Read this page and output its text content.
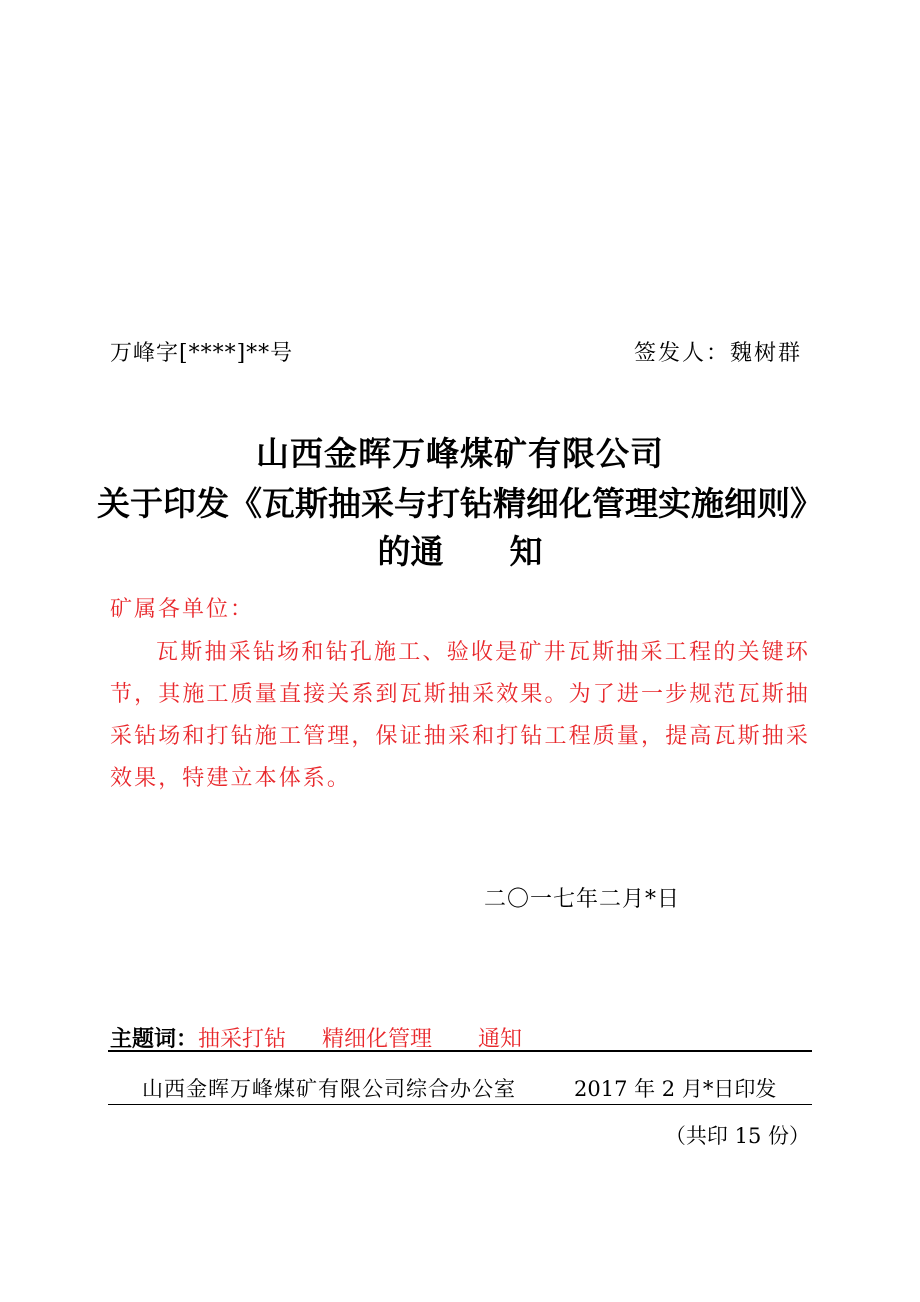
万峰字[****]**号	签发人：魏树群
山西金晖万峰煤矿有限公司
关于印发《瓦斯抽采与打钻精细化管理实施细则》
的通 知
矿属各单位：
瓦斯抽采钻场和钻孔施工、验收是矿井瓦斯抽采工程的关键环节，其施工质量直接关系到瓦斯抽采效果。为了进一步规范瓦斯抽采钻场和打钻施工管理，保证抽采和打钻工程质量，提高瓦斯抽采效果，特建立本体系。
二〇一七年二月*日
主题词：抽采打钻 精细化管理 通知
山西金晖万峰煤矿有限公司综合办公室	2017 年 2 月*日印发
（共印 15 份）
